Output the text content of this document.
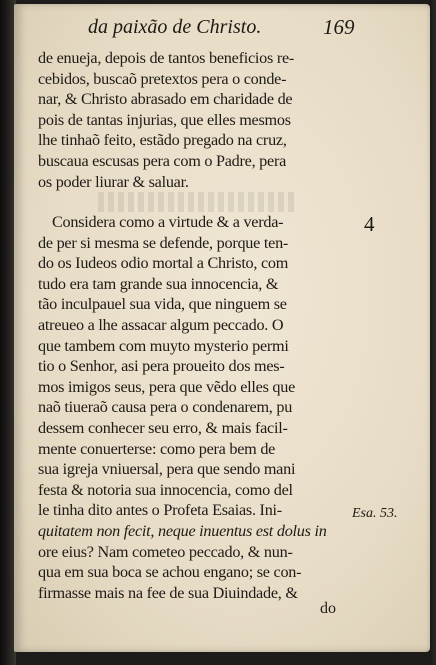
da paixão de Christo.	169
de enueja, depois de tantos beneficios re-
cebidos, buscaõ pretextos pera o conde-
nar, & Christo abrasado em charidade de
pois de tantas injurias, que elles mesmos
lhe tinhaõ feito, estãdo pregado na cruz,
buscaua escusas pera com o Padre, pera
os poder liurar & saluar.
4
Considera como a virtude & a verda-
de per si mesma se defende, porque ten-
do os Iudeos odio mortal a Christo, com
tudo era tam grande sua innocencia, &
tão inculpauel sua vida, que ninguem se
atreueo a lhe assacar algum peccado. O
que tambem com muyto mysterio permi
tio o Senhor, asi pera proueito dos mes-
mos imigos seus, pera que vẽdo elles que
naõ tiueraõ causa pera o condenarem, pu
dessem conhecer seu erro, & mais facil-
mente conuerterse: como pera bem de
sua igreja vniuersal, pera que sendo mani
festa & notoria sua innocencia, como del
le tinha dito antes o Profeta Esaias. Ini-
quitatem non fecit, neque inuentus est dolus in
ore eius? Nam cometeo peccado, & nun-
qua em sua boca se achou engano; se con-
firmasse mais na fee de sua Diuindade, &
Esa. 53.
do
